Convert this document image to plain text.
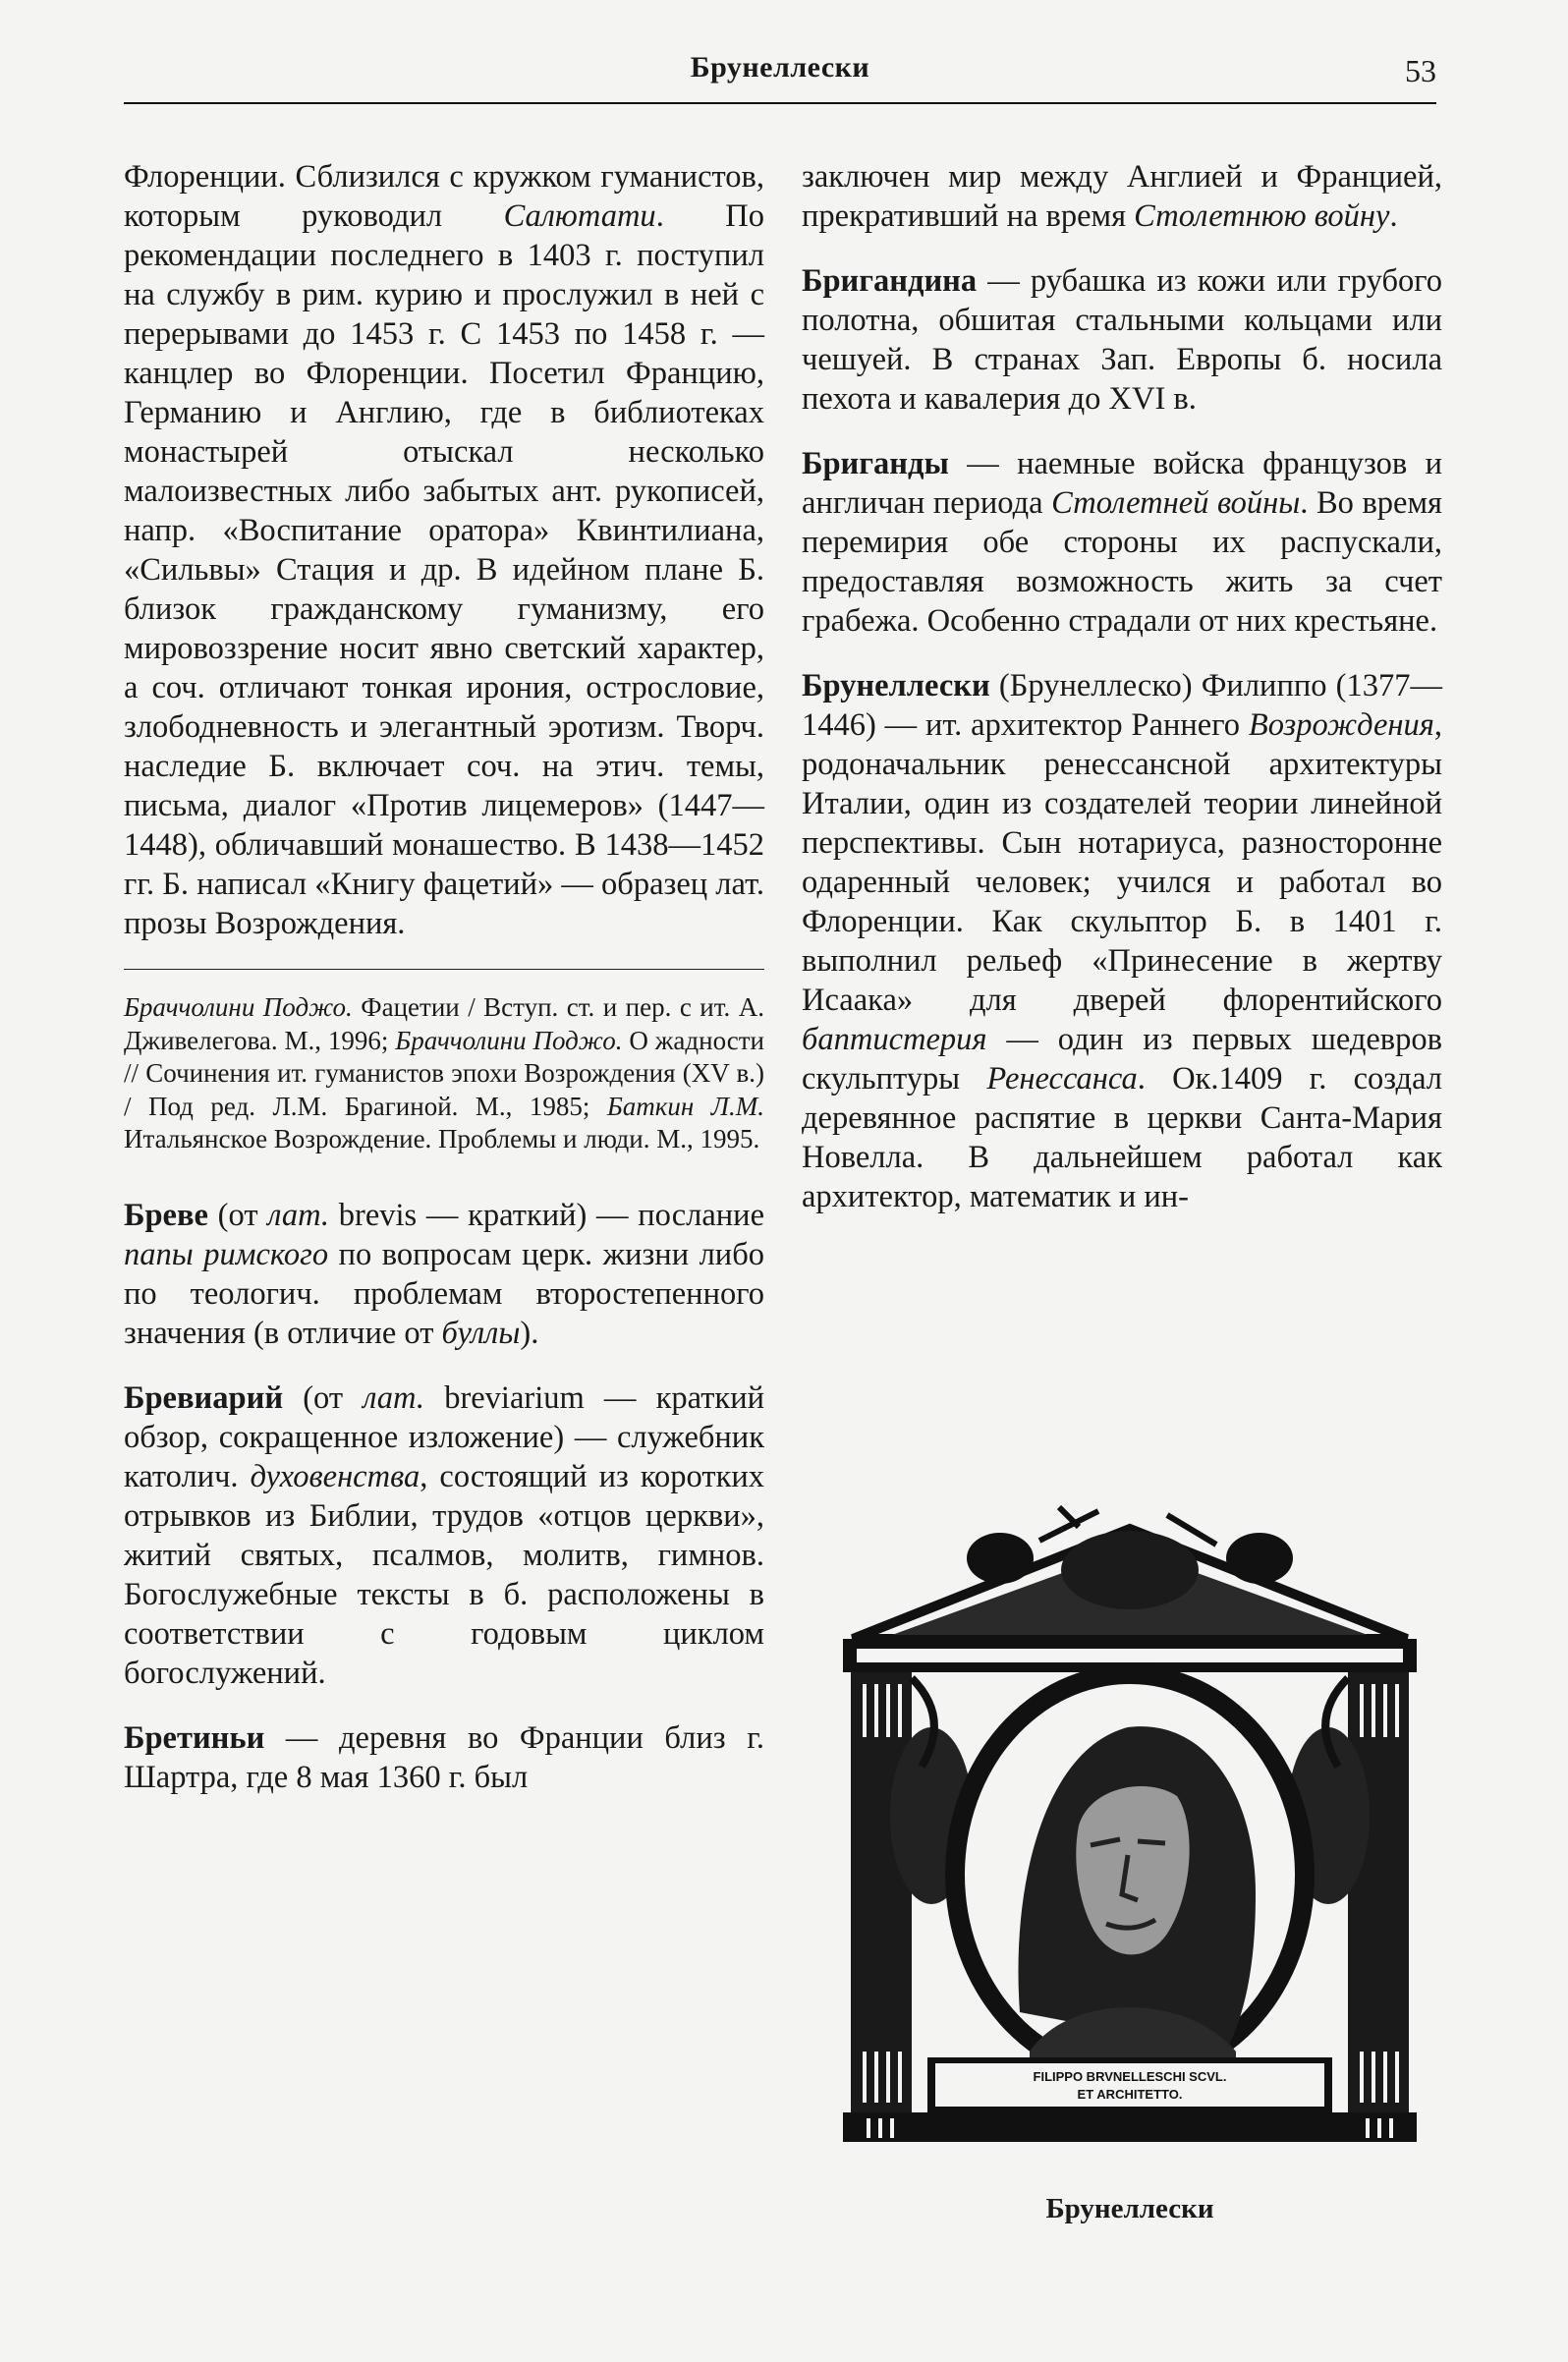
Брунеллески	53

Флоренции. Сблизился с кружком гуманистов, которым руководил Салютати. По рекомендации последнего в 1403 г. поступил на службу в рим. курию и прослужил в ней с перерывами до 1453 г. С 1453 по 1458 г. — канцлер во Флоренции. Посетил Францию, Германию и Англию, где в библиотеках монастырей отыскал несколько малоизвестных либо забытых ант. рукописей, напр. «Воспитание оратора» Квинтилиана, «Сильвы» Стация и др. В идейном плане Б. близок гражданскому гуманизму, его мировоззрение носит явно светский характер, а соч. отличают тонкая ирония, острословие, злободневность и элегантный эротизм. Творч. наследие Б. включает соч. на этич. темы, письма, диалог «Против лицемеров» (1447—1448), обличавший монашество. В 1438—1452 гг. Б. написал «Книгу фацетий» — образец лат. прозы Возрождения.

Браччолини Поджо. Фацетии / Вступ. ст. и пер. с ит. А. Дживелегова. М., 1996; Браччолини Поджо. О жадности // Сочинения ит. гуманистов эпохи Возрождения (XV в.) / Под ред. Л.М. Брагиной. М., 1985; Баткин Л.М. Итальянское Возрождение. Проблемы и люди. М., 1995.

Бреве (от лат. brevis — краткий) — послание папы римского по вопросам церк. жизни либо по теологич. проблемам второстепенного значения (в отличие от буллы).

Бревиарий (от лат. breviarium — краткий обзор, сокращенное изложение) — служебник католич. духовенства, состоящий из коротких отрывков из Библии, трудов «отцов церкви», житий святых, псалмов, молитв, гимнов. Богослужебные тексты в б. расположены в соответствии с годовым циклом богослужений.

Бретиньи — деревня во Франции близ г. Шартра, где 8 мая 1360 г. был

заключен мир между Англией и Францией, прекративший на время Столетнюю войну.

Бригандина — рубашка из кожи или грубого полотна, обшитая стальными кольцами или чешуей. В странах Зап. Европы б. носила пехота и кавалерия до XVI в.

Бриганды — наемные войска французов и англичан периода Столетней войны. Во время перемирия обе стороны их распускали, предоставляя возможность жить за счет грабежа. Особенно страдали от них крестьяне.

Брунеллески (Брунеллеско) Филиппо (1377—1446) — ит. архитектор Раннего Возрождения, родоначальник ренессансной архитектуры Италии, один из создателей теории линейной перспективы. Сын нотариуса, разносторонне одаренный человек; учился и работал во Флоренции. Как скульптор Б. в 1401 г. выполнил рельеф «Принесение в жертву Исаака» для дверей флорентийского баптистерия — один из первых шедевров скульптуры Ренессанса. Ок.1409 г. создал деревянное распятие в церкви Санта-Мария Новелла. В дальнейшем работал как архитектор, математик и ин-

FILIPPO BRVNELLESCHI SCVL.
ET ARCHITETTO.
Брунеллески
